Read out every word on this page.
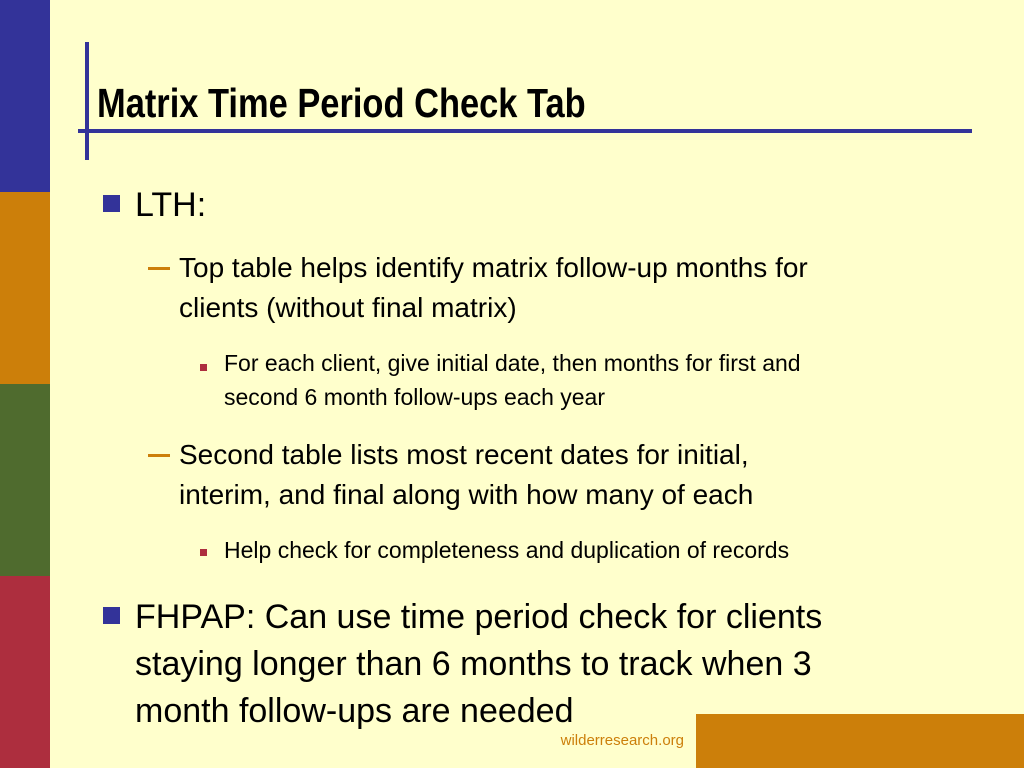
Matrix Time Period Check Tab
LTH:
Top table helps identify matrix follow-up months for
clients (without final matrix)
For each client, give initial date, then months for first and
second 6 month follow-ups each year
Second table lists most recent dates for initial,
interim, and final along with how many of each
Help check for completeness and duplication of records
FHPAP: Can use time period check for clients
staying longer than 6 months to track when 3
month follow-ups are needed
wilderresearch.org
